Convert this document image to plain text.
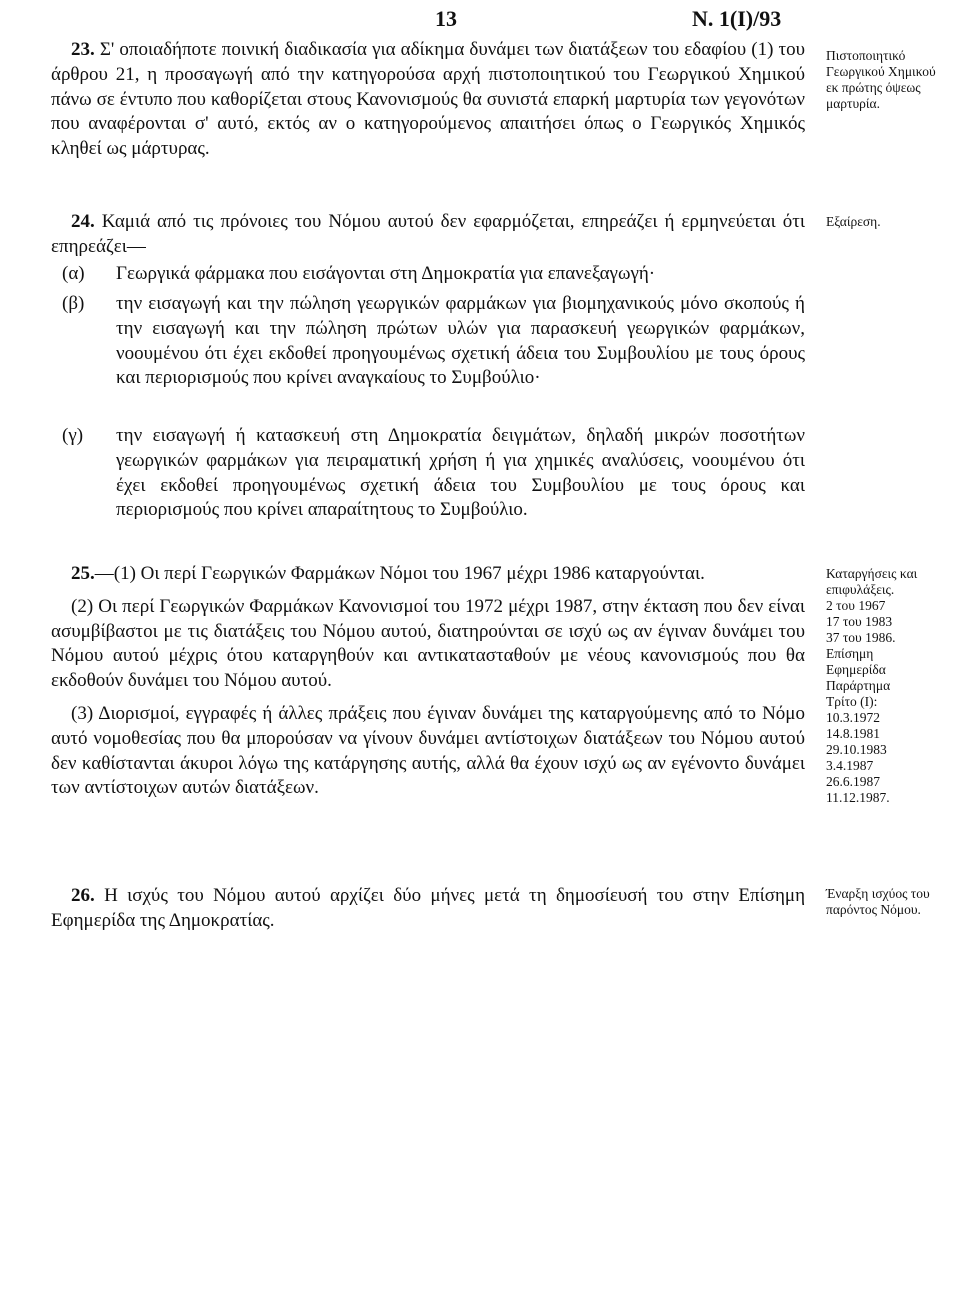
13	Ν. 1(Ι)/93

23. Σ' οποιαδήποτε ποινική διαδικασία για αδίκημα δυνάμει των διατάξεων του εδαφίου (1) του άρθρου 21, η προσαγωγή από την κατηγορούσα αρχή πιστοποιητικού του Γεωργικού Χημικού πάνω σε έντυπο που καθορίζεται στους Κανονισμούς θα συνιστά επαρκή μαρτυρία των γεγονότων που αναφέρονται σ' αυτό, εκτός αν ο κατηγορούμενος απαιτήσει όπως ο Γεωργικός Χημικός κληθεί ως μάρτυρας.

Πιστοποιητικό Γεωργικού Χημικού εκ πρώτης όψεως μαρτυρία.

24. Καμιά από τις πρόνοιες του Νόμου αυτού δεν εφαρμόζεται, επηρεάζει ή ερμηνεύεται ότι επηρεάζει—

Εξαίρεση.
(α)	Γεωργικά φάρμακα που εισάγονται στη Δημοκρατία για επανεξαγωγή·
(β)	την εισαγωγή και την πώληση γεωργικών φαρμάκων για βιομηχανικούς μόνο σκοπούς ή την εισαγωγή και την πώληση πρώτων υλών για παρασκευή γεωργικών φαρμάκων, νοουμένου ότι έχει εκδοθεί προηγουμένως σχετική άδεια του Συμβουλίου με τους όρους και περιορισμούς που κρίνει αναγκαίους το Συμβούλιο·
(γ)	την εισαγωγή ή κατασκευή στη Δημοκρατία δειγμάτων, δηλαδή μικρών ποσοτήτων γεωργικών φαρμάκων για πειραματική χρήση ή για χημικές αναλύσεις, νοουμένου ότι έχει εκδοθεί προηγουμένως σχετική άδεια του Συμβουλίου με τους όρους και περιορισμούς που κρίνει απαραίτητους το Συμβούλιο.

25.—(1) Οι περί Γεωργικών Φαρμάκων Νόμοι του 1967 μέχρι 1986 καταργούνται.

(2) Οι περί Γεωργικών Φαρμάκων Κανονισμοί του 1972 μέχρι 1987, στην έκταση που δεν είναι ασυμβίβαστοι με τις διατάξεις του Νόμου αυτού, διατηρούνται σε ισχύ ως αν έγιναν δυνάμει του Νόμου αυτού μέχρις ότου καταργηθούν και αντικατασταθούν με νέους κανονισμούς που θα εκδοθούν δυνάμει του Νόμου αυτού.

(3) Διορισμοί, εγγραφές ή άλλες πράξεις που έγιναν δυνάμει της καταργούμενης από το Νόμο αυτό νομοθεσίας που θα μπορούσαν να γίνουν δυνάμει αντίστοιχων διατάξεων του Νόμου αυτού δεν καθίστανται άκυροι λόγω της κατάργησης αυτής, αλλά θα έχουν ισχύ ως αν εγένοντο δυνάμει των αντίστοιχων αυτών διατάξεων.

Καταργήσεις και επιφυλάξεις.
2 του 1967
17 του 1983
37 του 1986.
Επίσημη
Εφημερίδα
Παράρτημα
Τρίτο (Ι):
10.3.1972
14.8.1981
29.10.1983
3.4.1987
26.6.1987
11.12.1987.

26. Η ισχύς του Νόμου αυτού αρχίζει δύο μήνες μετά τη δημοσίευσή του στην Επίσημη Εφημερίδα της Δημοκρατίας.

Έναρξη ισχύος του παρόντος Νόμου.
